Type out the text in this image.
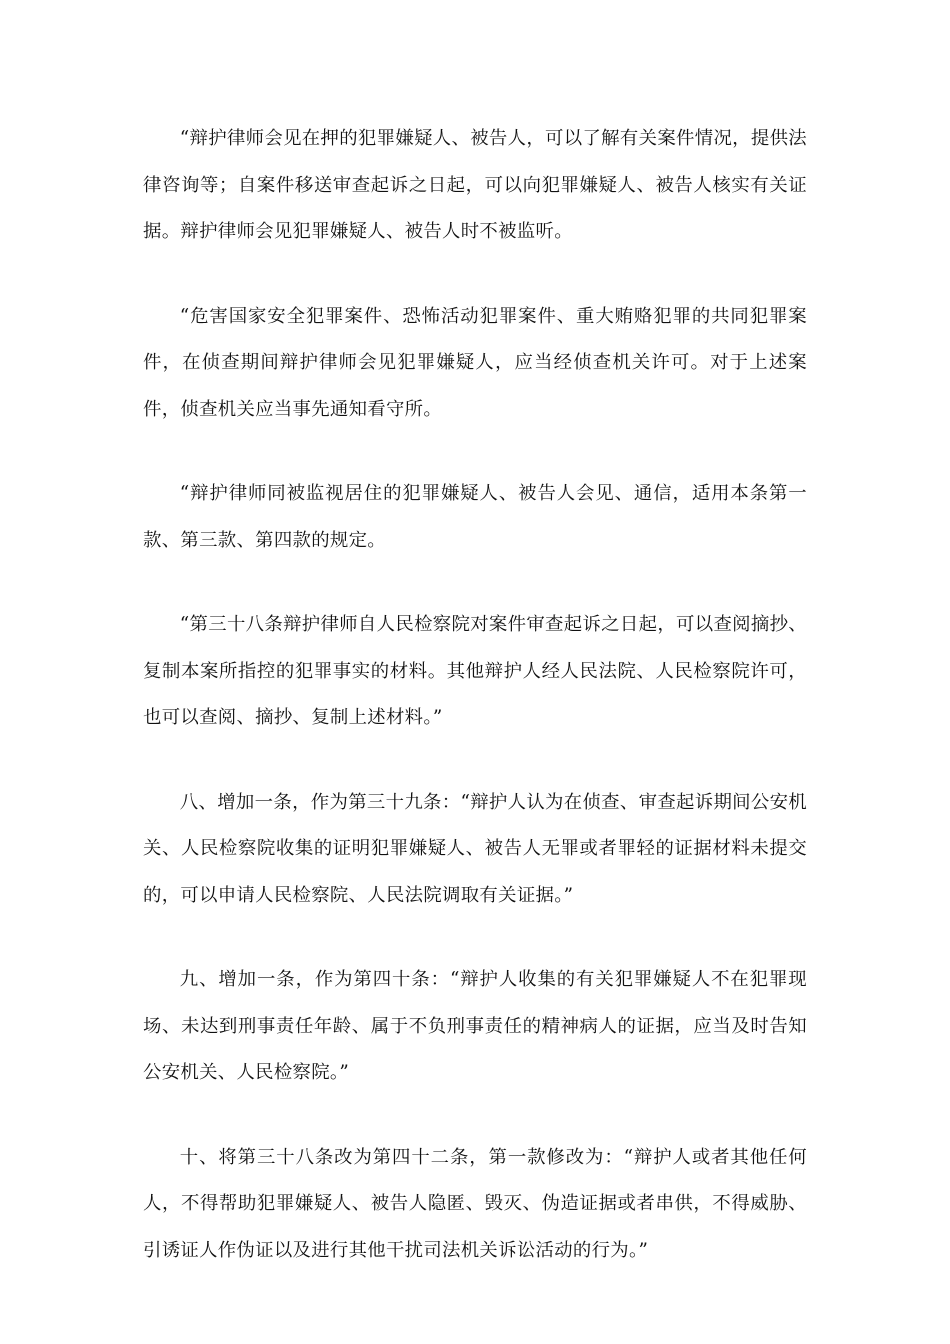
“辩护律师会见在押的犯罪嫌疑人、被告人，可以了解有关案件情况，提供法律咨询等；自案件移送审查起诉之日起，可以向犯罪嫌疑人、被告人核实有关证据。辩护律师会见犯罪嫌疑人、被告人时不被监听。

“危害国家安全犯罪案件、恐怖活动犯罪案件、重大贿赂犯罪的共同犯罪案件，在侦查期间辩护律师会见犯罪嫌疑人，应当经侦查机关许可。对于上述案件，侦查机关应当事先通知看守所。

“辩护律师同被监视居住的犯罪嫌疑人、被告人会见、通信，适用本条第一款、第三款、第四款的规定。

“第三十八条辩护律师自人民检察院对案件审查起诉之日起，可以查阅摘抄、复制本案所指控的犯罪事实的材料。其他辩护人经人民法院、人民检察院许可，也可以查阅、摘抄、复制上述材料。”

八、增加一条，作为第三十九条：“辩护人认为在侦查、审查起诉期间公安机关、人民检察院收集的证明犯罪嫌疑人、被告人无罪或者罪轻的证据材料未提交的，可以申请人民检察院、人民法院调取有关证据。”

九、增加一条，作为第四十条：“辩护人收集的有关犯罪嫌疑人不在犯罪现场、未达到刑事责任年龄、属于不负刑事责任的精神病人的证据，应当及时告知公安机关、人民检察院。”

十、将第三十八条改为第四十二条，第一款修改为：“辩护人或者其他任何人，不得帮助犯罪嫌疑人、被告人隐匿、毁灭、伪造证据或者串供，不得威胁、引诱证人作伪证以及进行其他干扰司法机关诉讼活动的行为。”
